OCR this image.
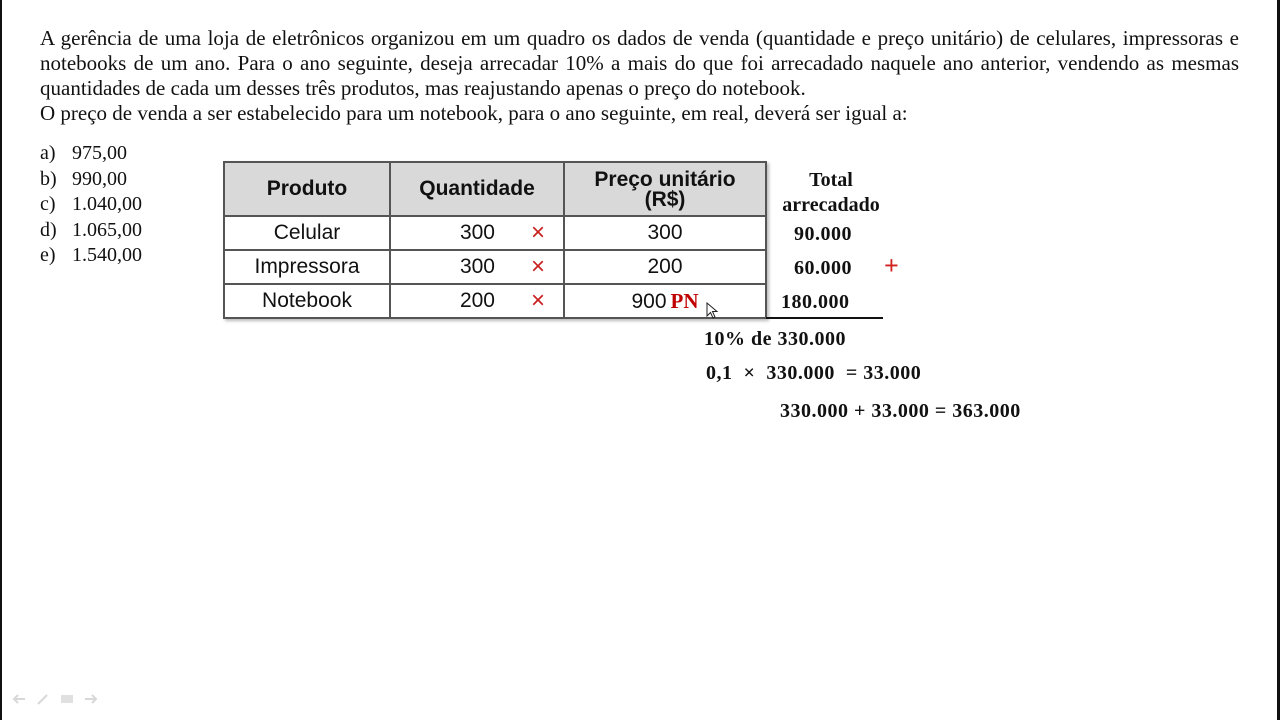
A gerência de uma loja de eletrônicos organizou em um quadro os dados de venda (quantidade e preço unitário) de celulares, impressoras e notebooks de um ano. Para o ano seguinte, deseja arrecadar 10% a mais do que foi arrecadado naquele ano anterior, vendendo as mesmas quantidades de cada um desses três produtos, mas reajustando apenas o preço do notebook.
O preço de venda a ser estabelecido para um notebook, para o ano seguinte, em real, deverá ser igual a:
a) 975,00
b) 990,00
c) 1.040,00
d) 1.065,00
e) 1.540,00
Produto	Quantidade	Preço unitário
(R$)

Celular	300 ×	300
Impressora	300 ×	200
Notebook	200 ×	900 PN
Total
arrecadado
90.000
60.000 +
180.000
10% de 330.000
0,1  ×  330.000  = 33.000
330.000 + 33.000 = 363.000
